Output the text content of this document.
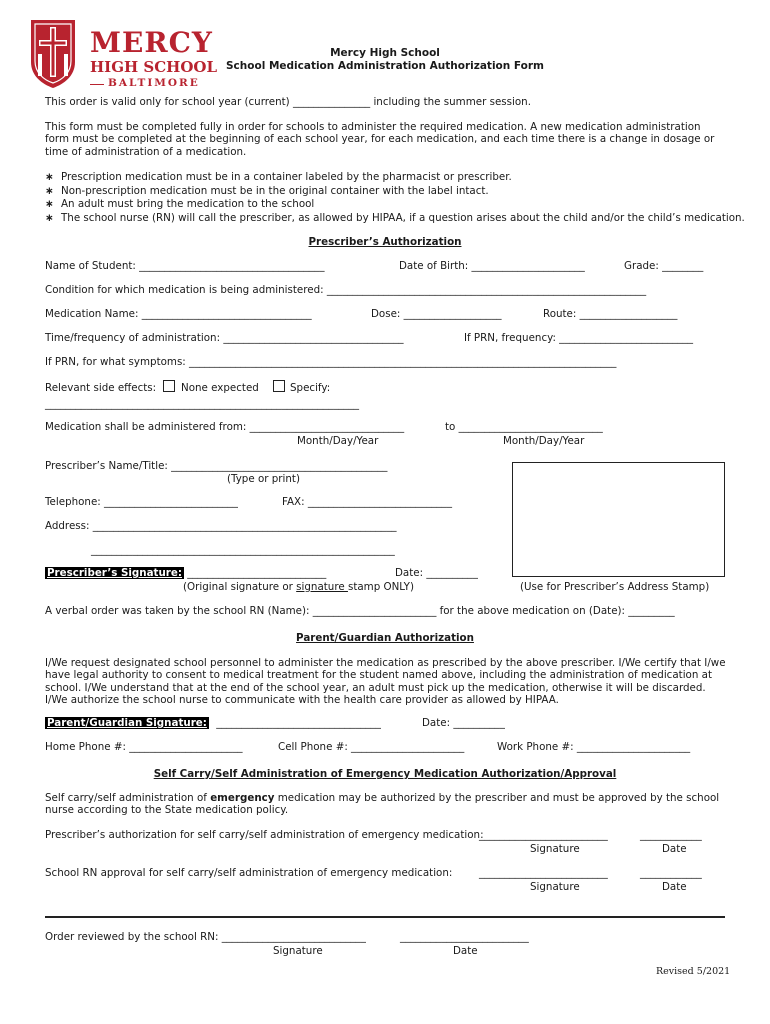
MERCY
HIGH SCHOOL
BALTIMORE
Mercy High School
School Medication Administration Authorization Form
This order is valid only for school year (current) _______________ including the summer session.
This form must be completed fully in order for schools to administer the required medication. A new medication administration form must be completed at the beginning of each school year, for each medication, and each time there is a change in dosage or time of administration of a medication.
∗ Prescription medication must be in a container labeled by the pharmacist or prescriber.
∗ Non-prescription medication must be in the original container with the label intact.
∗ An adult must bring the medication to the school
∗ The school nurse (RN) will call the prescriber, as allowed by HIPAA, if a question arises about the child and/or the child’s medication.
Prescriber’s Authorization
Name of Student: ____________________________________	Date of Birth: ______________________	Grade: ________
Condition for which medication is being administered: ______________________________________________________________
Medication Name: _________________________________	Dose: ___________________	Route: ___________________
Time/frequency of administration: ___________________________________	If PRN, frequency: __________________________
If PRN, for what symptoms: ___________________________________________________________________________________
Relevant side effects: None expected	Specify:
_____________________________________________________________
Medication shall be administered from: ______________________________	to ____________________________
Month/Day/Year	Month/Day/Year
Prescriber’s Name/Title: __________________________________________
(Type or print)
Telephone: __________________________	FAX: ____________________________
Address: ___________________________________________________________
___________________________________________________________
Prescriber’s Signature: ___________________________	Date: __________
(Original signature or signature stamp ONLY)	(Use for Prescriber’s Address Stamp)
A verbal order was taken by the school RN (Name): ________________________ for the above medication on (Date): _________
Parent/Guardian Authorization
I/We request designated school personnel to administer the medication as prescribed by the above prescriber. I/We certify that I/we have legal authority to consent to medical treatment for the student named above, including the administration of medication at school. I/We understand that at the end of the school year, an adult must pick up the medication, otherwise it will be discarded. I/We authorize the school nurse to communicate with the health care provider as allowed by HIPAA.
Parent/Guardian Signature: ________________________________	Date: __________
Home Phone #: ______________________	Cell Phone #: ______________________	Work Phone #: ______________________
Self Carry/Self Administration of Emergency Medication Authorization/Approval
Self carry/self administration of emergency medication may be authorized by the prescriber and must be approved by the school nurse according to the State medication policy.
Prescriber’s authorization for self carry/self administration of emergency medication:
_________________________	____________
Signature	Date
School RN approval for self carry/self administration of emergency medication:	_________________________	____________
Signature	Date
Order reviewed by the school RN: ____________________________	_________________________
Signature	Date
Revised 5/2021
